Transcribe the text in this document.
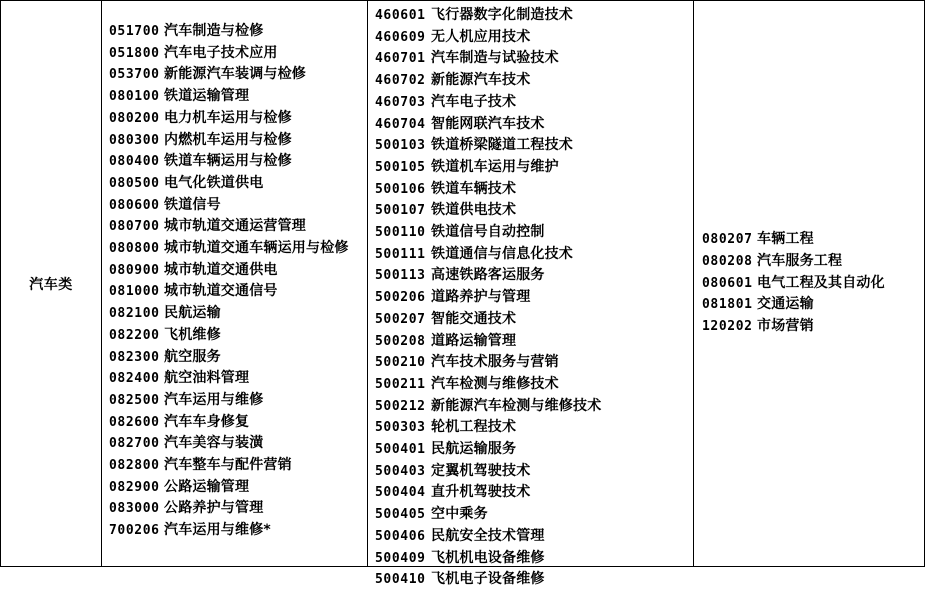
汽车类
051700 汽车制造与检修
051800 汽车电子技术应用
053700 新能源汽车装调与检修
080100 铁道运输管理
080200 电力机车运用与检修
080300 内燃机车运用与检修
080400 铁道车辆运用与检修
080500 电气化铁道供电
080600 铁道信号
080700 城市轨道交通运营管理
080800 城市轨道交通车辆运用与检修
080900 城市轨道交通供电
081000 城市轨道交通信号
082100 民航运输
082200 飞机维修
082300 航空服务
082400 航空油料管理
082500 汽车运用与维修
082600 汽车车身修复
082700 汽车美容与装潢
082800 汽车整车与配件营销
082900 公路运输管理
083000 公路养护与管理
700206 汽车运用与维修*
460601 飞行器数字化制造技术
460609 无人机应用技术
460701 汽车制造与试验技术
460702 新能源汽车技术
460703 汽车电子技术
460704 智能网联汽车技术
500103 铁道桥梁隧道工程技术
500105 铁道机车运用与维护
500106 铁道车辆技术
500107 铁道供电技术
500110 铁道信号自动控制
500111 铁道通信与信息化技术
500113 高速铁路客运服务
500206 道路养护与管理
500207 智能交通技术
500208 道路运输管理
500210 汽车技术服务与营销
500211 汽车检测与维修技术
500212 新能源汽车检测与维修技术
500303 轮机工程技术
500401 民航运输服务
500403 定翼机驾驶技术
500404 直升机驾驶技术
500405 空中乘务
500406 民航安全技术管理
500409 飞机机电设备维修
500410 飞机电子设备维修
080207 车辆工程
080208 汽车服务工程
080601 电气工程及其自动化
081801 交通运输
120202 市场营销
